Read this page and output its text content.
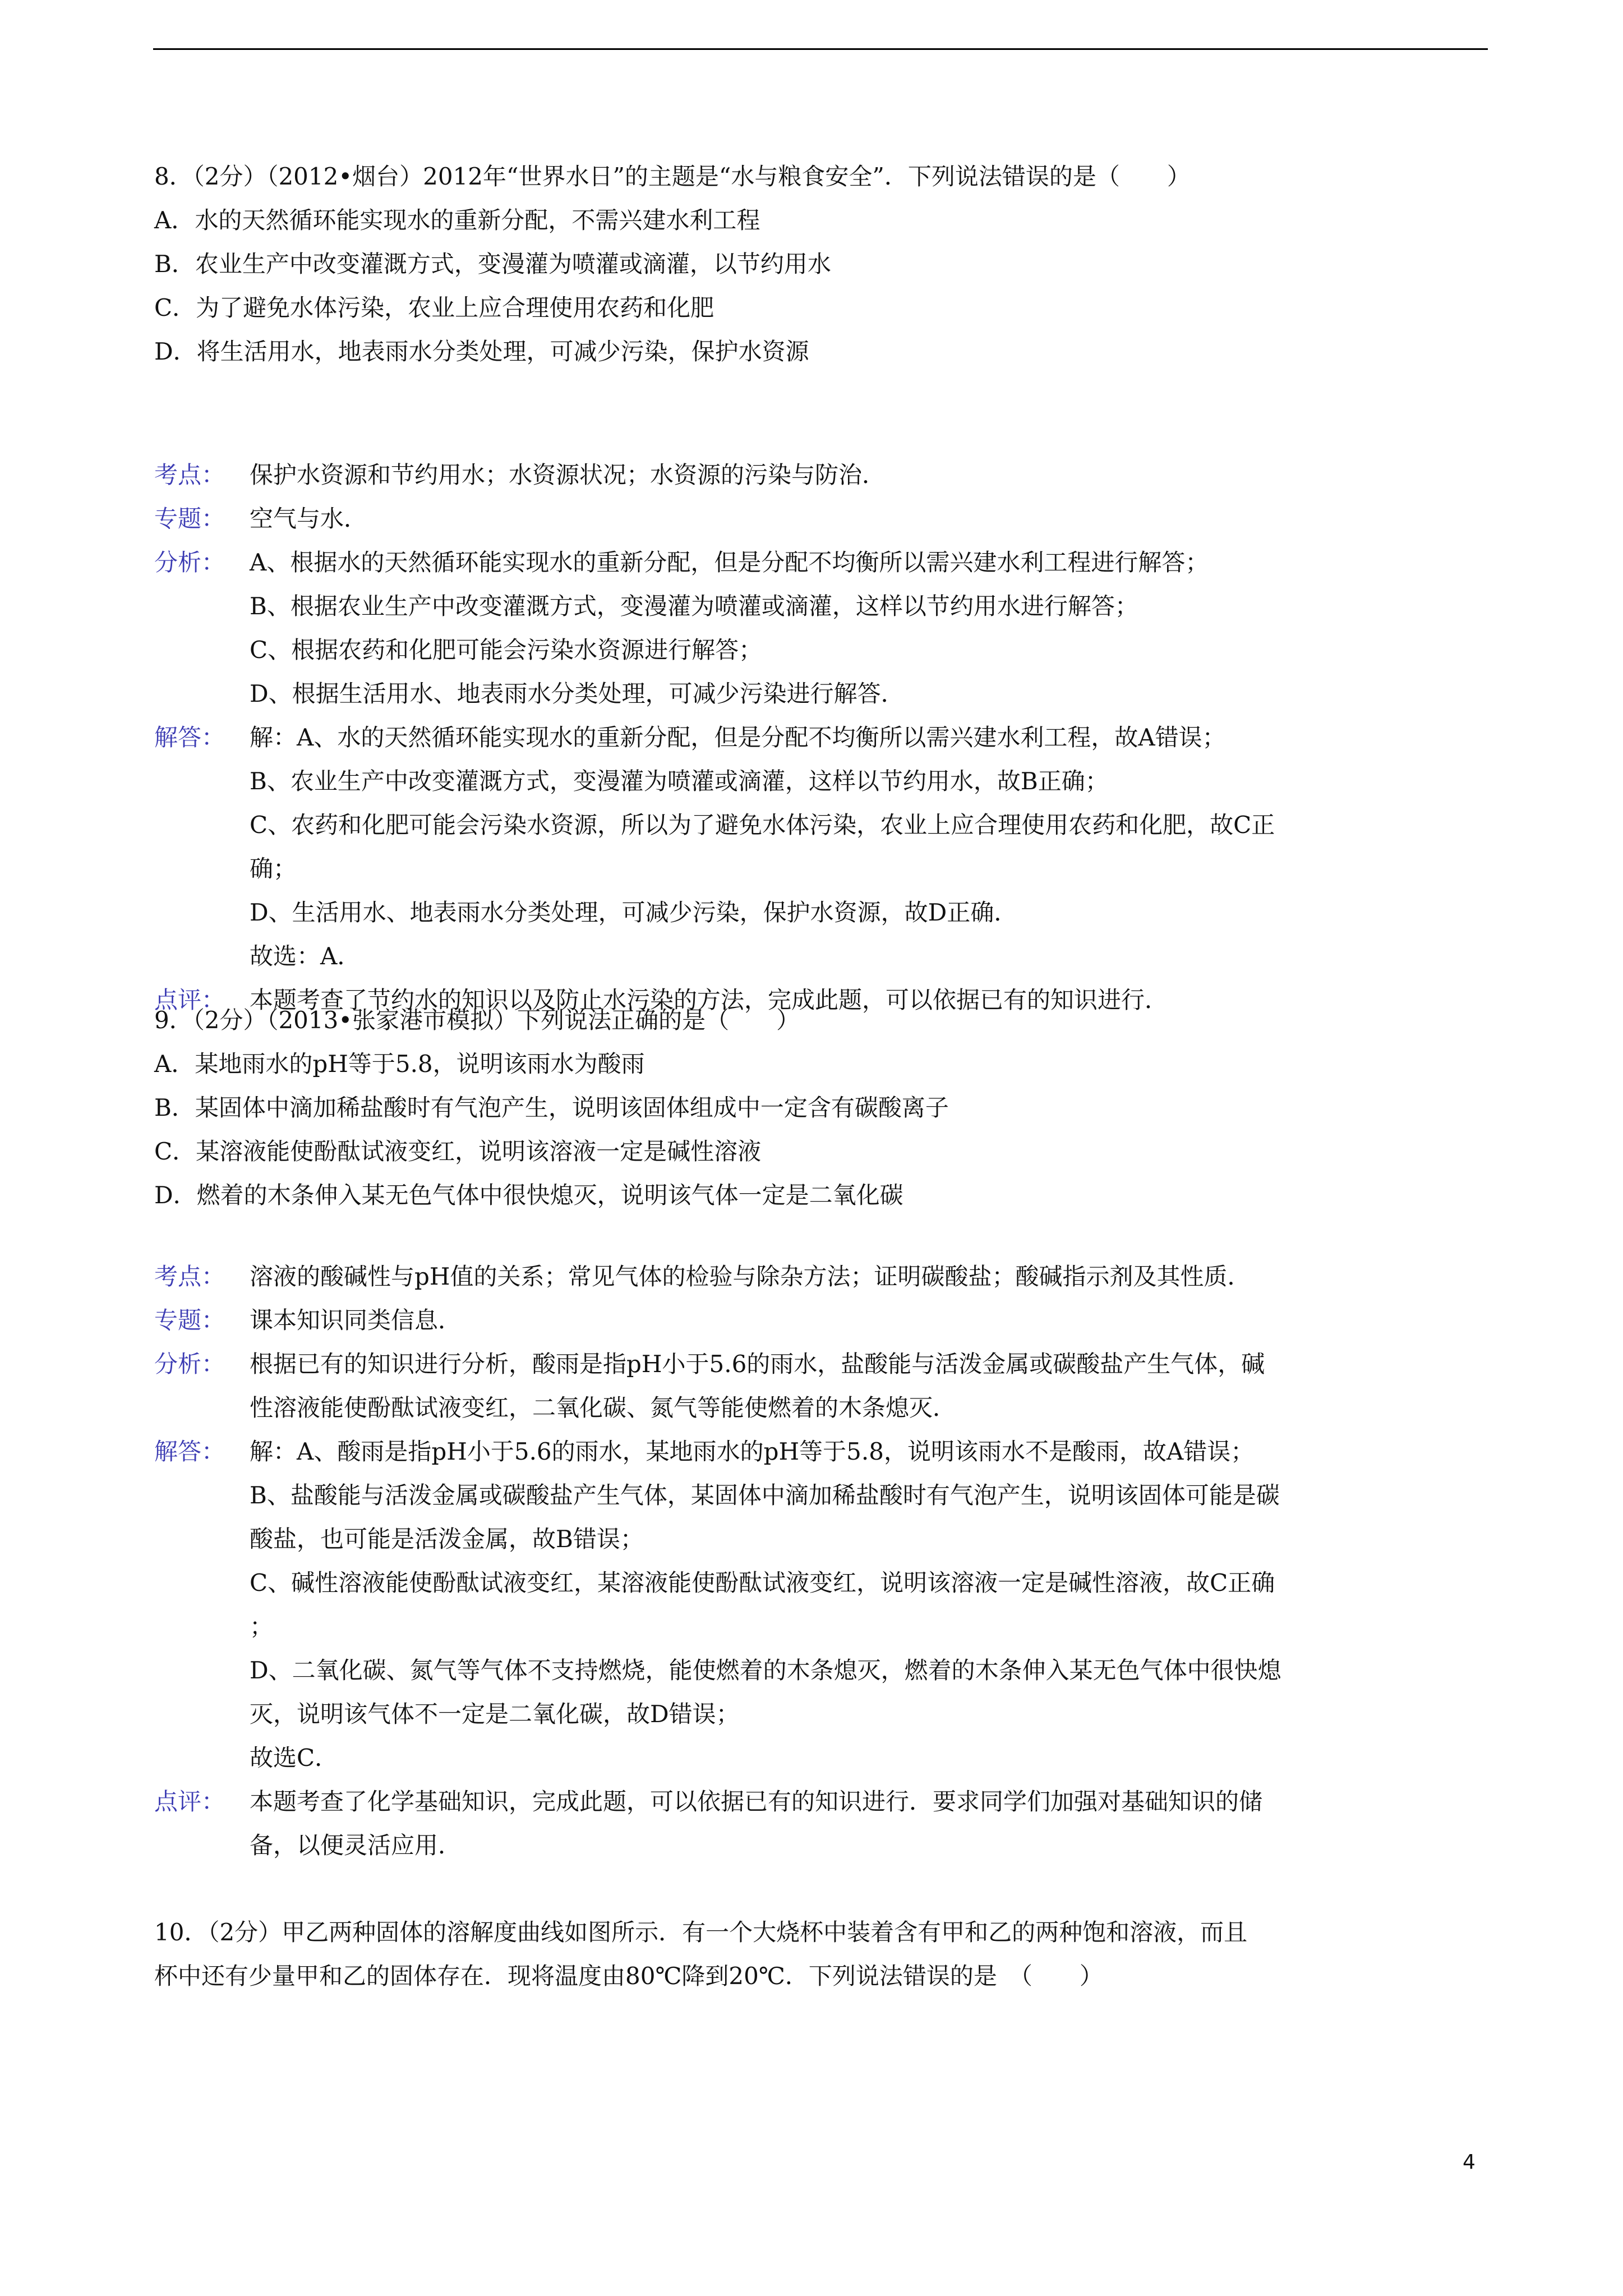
8．（2分）（2012•烟台）2012年“世界水日”的主题是“水与粮食安全”．下列说法错误的是（　　）
A．水的天然循环能实现水的重新分配，不需兴建水利工程
B．农业生产中改变灌溉方式，变漫灌为喷灌或滴灌，以节约用水
C．为了避免水体污染，农业上应合理使用农药和化肥
D．将生活用水，地表雨水分类处理，可减少污染，保护水资源
考点：	保护水资源和节约用水；水资源状况；水资源的污染与防治．
专题：	空气与水．
分析：	A、根据水的天然循环能实现水的重新分配，但是分配不均衡所以需兴建水利工程进行解答；
B、根据农业生产中改变灌溉方式，变漫灌为喷灌或滴灌，这样以节约用水进行解答；
C、根据农药和化肥可能会污染水资源进行解答；
D、根据生活用水、地表雨水分类处理，可减少污染进行解答．
解答：	解：A、水的天然循环能实现水的重新分配，但是分配不均衡所以需兴建水利工程，故A错误；
B、农业生产中改变灌溉方式，变漫灌为喷灌或滴灌，这样以节约用水，故B正确；
C、农药和化肥可能会污染水资源，所以为了避免水体污染，农业上应合理使用农药和化肥，故C正
确；
D、生活用水、地表雨水分类处理，可减少污染，保护水资源，故D正确．
故选：A．
点评：	本题考查了节约水的知识以及防止水污染的方法，完成此题，可以依据已有的知识进行．
9．（2分）（2013•张家港市模拟）下列说法正确的是（　　）
A．某地雨水的pH等于5.8，说明该雨水为酸雨
B．某固体中滴加稀盐酸时有气泡产生，说明该固体组成中一定含有碳酸离子
C．某溶液能使酚酞试液变红，说明该溶液一定是碱性溶液
D．燃着的木条伸入某无色气体中很快熄灭，说明该气体一定是二氧化碳
考点：	溶液的酸碱性与pH值的关系；常见气体的检验与除杂方法；证明碳酸盐；酸碱指示剂及其性质．
专题：	课本知识同类信息．
分析：	根据已有的知识进行分析，酸雨是指pH小于5.6的雨水，盐酸能与活泼金属或碳酸盐产生气体，碱
性溶液能使酚酞试液变红，二氧化碳、氮气等能使燃着的木条熄灭．
解答：	解：A、酸雨是指pH小于5.6的雨水，某地雨水的pH等于5.8，说明该雨水不是酸雨，故A错误；
B、盐酸能与活泼金属或碳酸盐产生气体，某固体中滴加稀盐酸时有气泡产生，说明该固体可能是碳
酸盐，也可能是活泼金属，故B错误；
C、碱性溶液能使酚酞试液变红，某溶液能使酚酞试液变红，说明该溶液一定是碱性溶液，故C正确
；
D、二氧化碳、氮气等气体不支持燃烧，能使燃着的木条熄灭，燃着的木条伸入某无色气体中很快熄
灭，说明该气体不一定是二氧化碳，故D错误；
故选C．
点评：	本题考查了化学基础知识，完成此题，可以依据已有的知识进行．要求同学们加强对基础知识的储
备，以便灵活应用．
10．（2分）甲乙两种固体的溶解度曲线如图所示．有一个大烧杯中装着含有甲和乙的两种饱和溶液，而且
杯中还有少量甲和乙的固体存在．现将温度由80℃降到20℃．下列说法错误的是　（　　）
4
